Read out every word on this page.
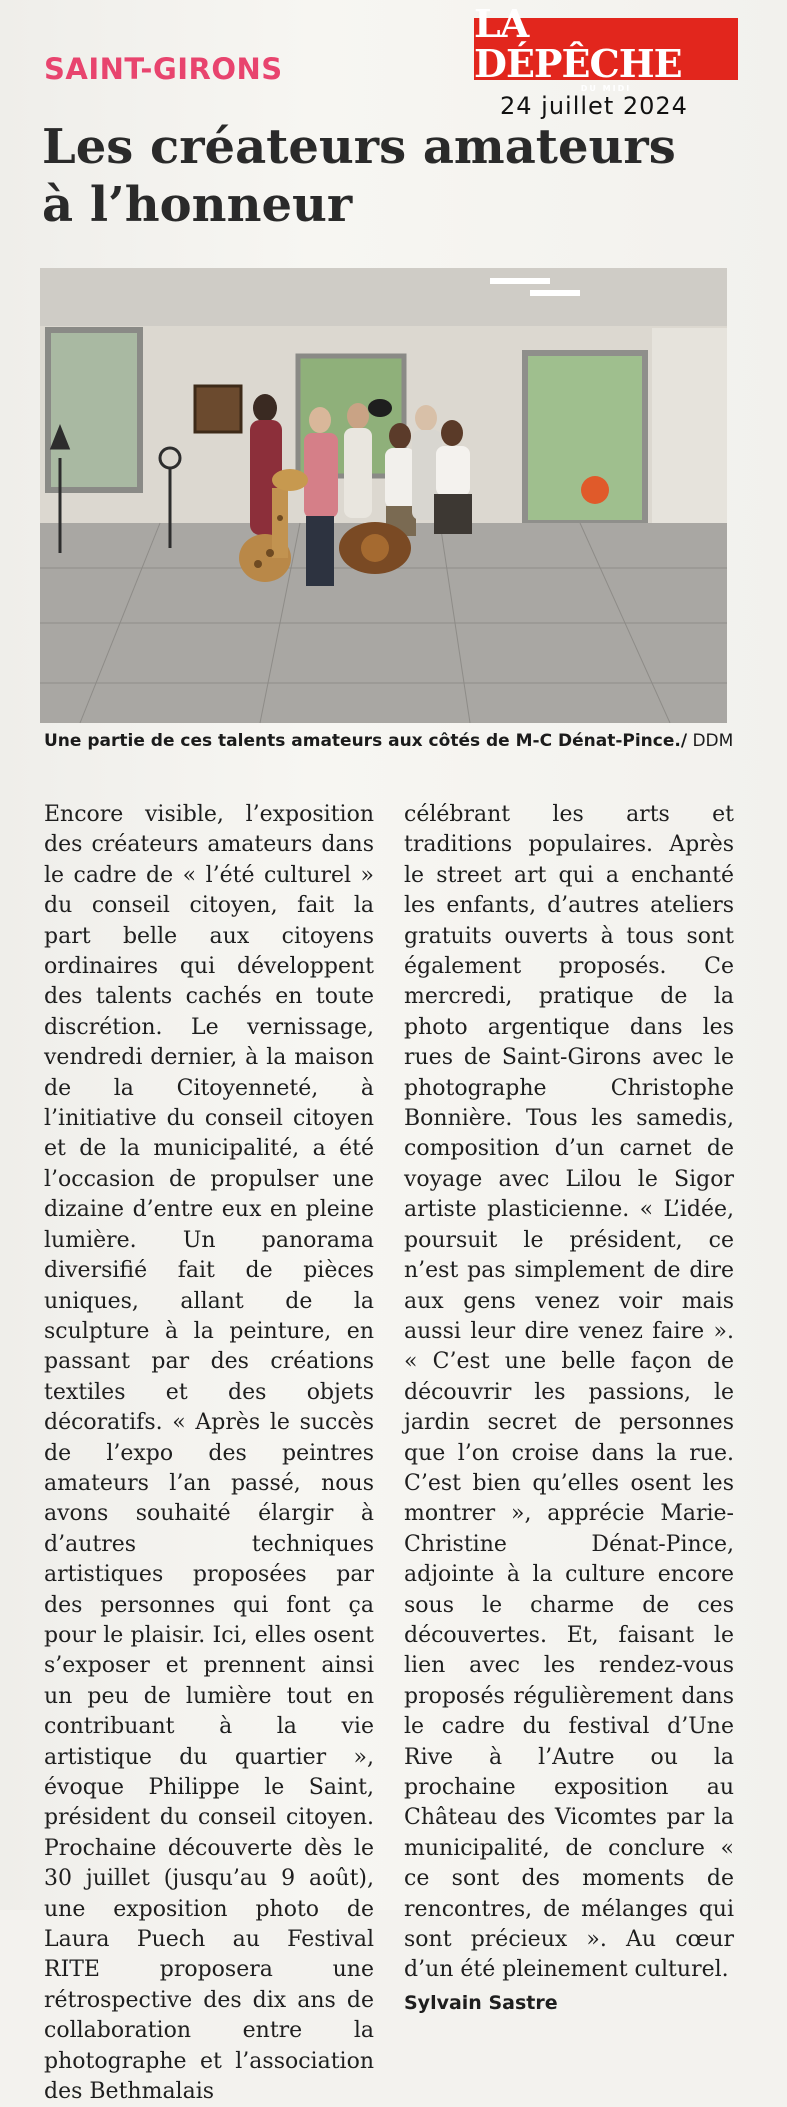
SAINT-GIRONS
LA DÉPÊCHE
DU MIDI
24 juillet 2024
Les créateurs amateurs
à l’honneur
Une partie de ces talents amateurs aux côtés de M-C Dénat-Pince./ DDM

Encore visible, l’exposition des créateurs amateurs dans le cadre de « l’été culturel » du conseil citoyen, fait la part belle aux citoyens ordinaires qui développent des talents cachés en toute discrétion. Le vernissage, vendredi dernier, à la maison de la Citoyenneté, à l’initiative du conseil citoyen et de la municipalité, a été l’occasion de propulser une dizaine d’entre eux en pleine lumière. Un panorama diversifié fait de pièces uniques, allant de la sculpture à la peinture, en passant par des créations textiles et des objets décoratifs. « Après le succès de l’expo des peintres amateurs l’an passé, nous avons souhaité élargir à d’autres techniques artistiques proposées par des personnes qui font ça pour le plaisir. Ici, elles osent s’exposer et prennent ainsi un peu de lumière tout en contribuant à la vie artistique du quartier », évoque Philippe le Saint, président du conseil citoyen. Prochaine découverte dès le 30 juillet (jusqu’au 9 août), une exposition photo de Laura Puech au Festival RITE proposera une rétrospective des dix ans de collaboration entre la photographe et l’association des Bethmalais

célébrant les arts et traditions populaires. Après le street art qui a enchanté les enfants, d’autres ateliers gratuits ouverts à tous sont également proposés. Ce mercredi, pratique de la photo argentique dans les rues de Saint-Girons avec le photographe Christophe Bonnière. Tous les samedis, composition d’un carnet de voyage avec Lilou le Sigor artiste plasticienne. « L’idée, poursuit le président, ce n’est pas simplement de dire aux gens venez voir mais aussi leur dire venez faire ». « C’est une belle façon de découvrir les passions, le jardin secret de personnes que l’on croise dans la rue. C’est bien qu’elles osent les montrer », apprécie Marie-Christine Dénat-Pince, adjointe à la culture encore sous le charme de ces découvertes. Et, faisant le lien avec les rendez-vous proposés régulièrement dans le cadre du festival d’Une Rive à l’Autre ou la prochaine exposition au Château des Vicomtes par la municipalité, de conclure « ce sont des moments de rencontres, de mélanges qui sont précieux ». Au cœur d’un été pleinement culturel.

Sylvain Sastre
